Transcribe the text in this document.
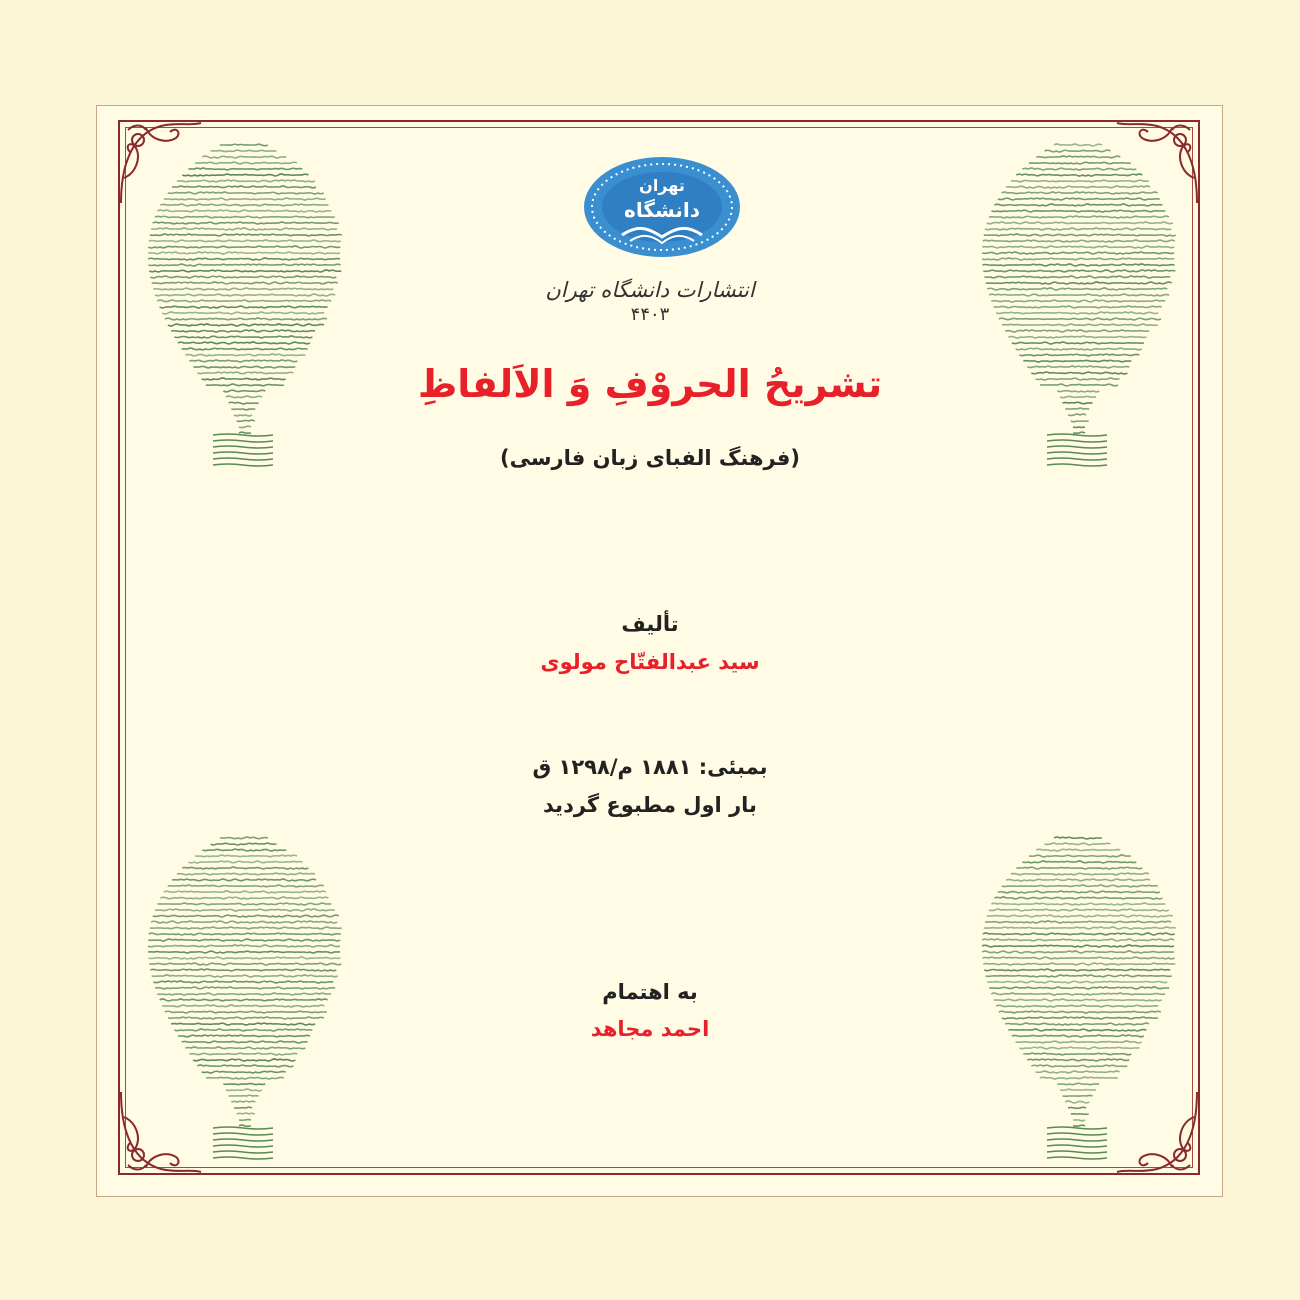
تهران
دانشگاه
انتشارات دانشگاه تهران
۴۴۰۳
تشریحُ الحروْفِ وَ الاَلفاظِ
(فرهنگ الفبای زبان فارسی)
تألیف
سید عبدالفتّاح مولوی
بمبئی: ۱۸۸۱ م/۱۲۹۸ ق
بار اول مطبوع گردید
به اهتمام
احمد مجاهد
